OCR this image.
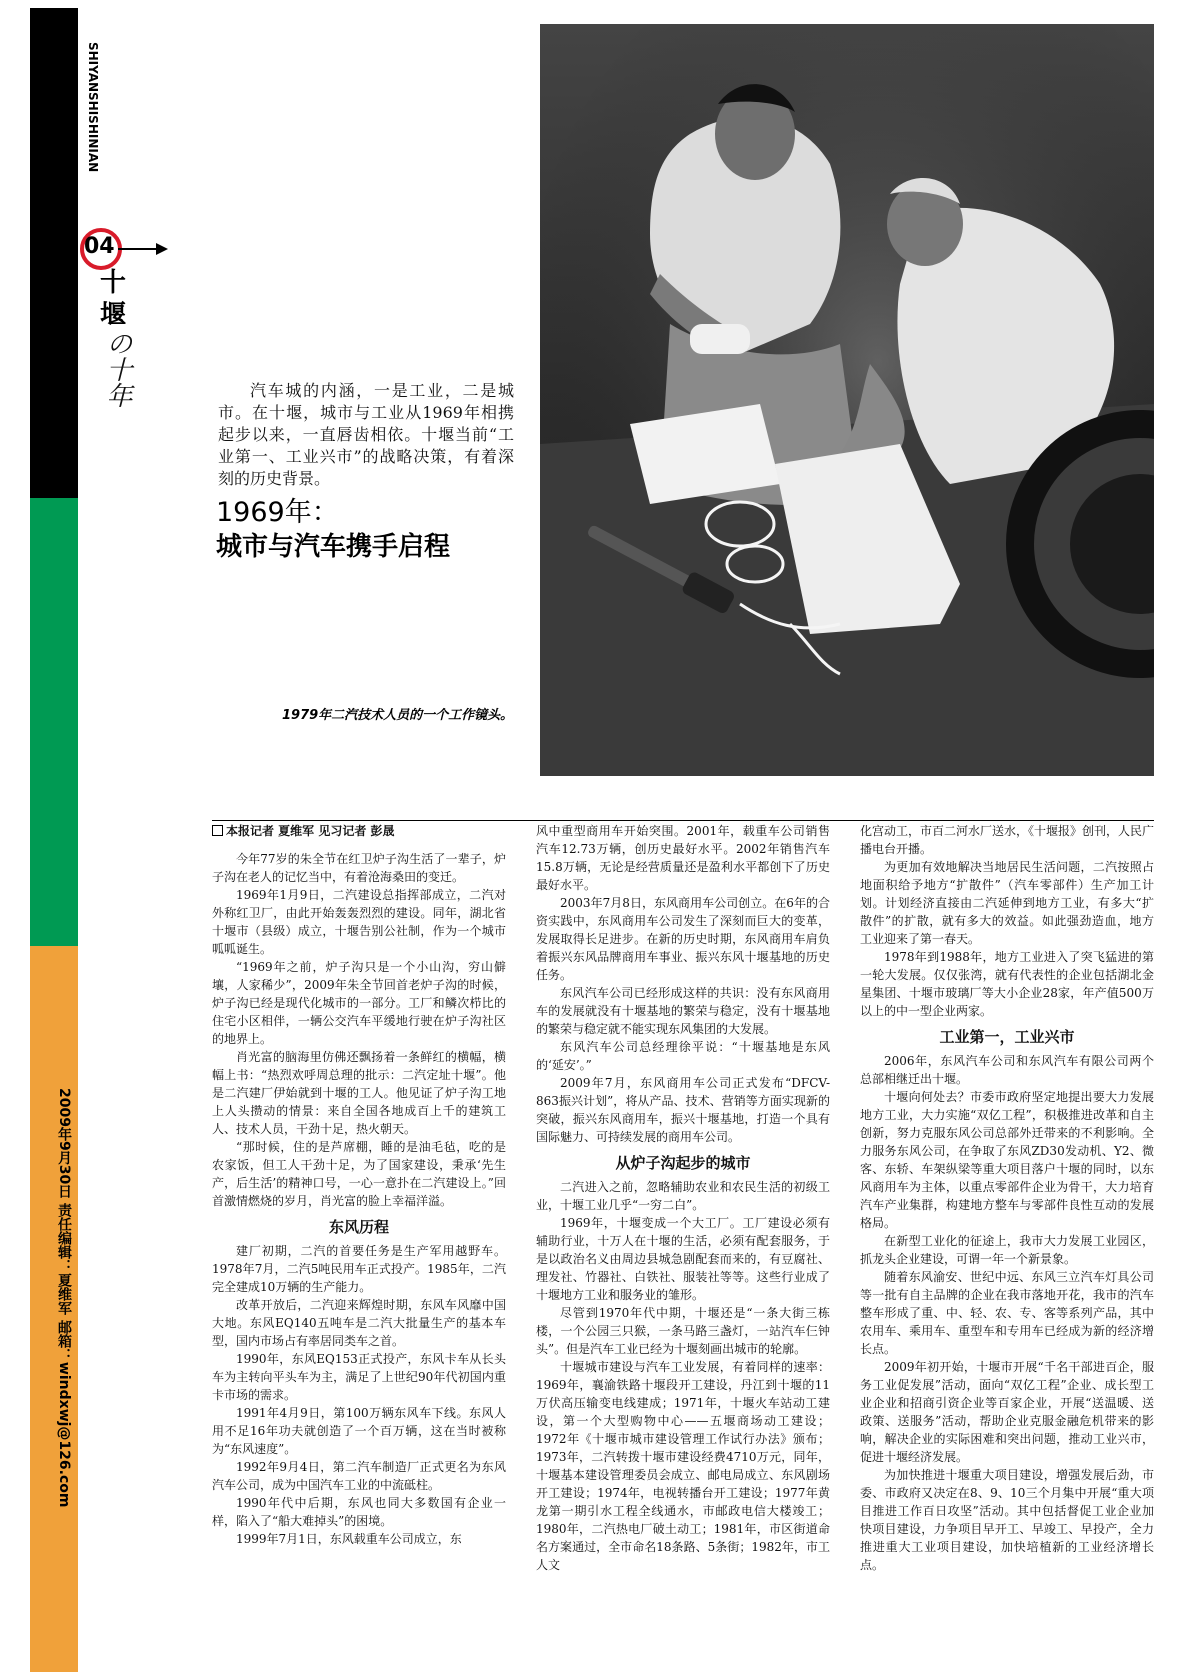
SHIYANSHISHINIAN
04
十
堰
の十年
2009年9月30日 责任编辑：夏维军 邮箱：windxwj@126.com
汽车城的内涵，一是工业，二是城市。在十堰，城市与工业从1969年相携起步以来，一直唇齿相依。十堰当前“工业第一、工业兴市”的战略决策，有着深刻的历史背景。
1969年：
城市与汽车携手启程
1979年二汽技术人员的一个工作镜头。

本报记者 夏维军 见习记者 彭晟

今年77岁的朱全节在红卫炉子沟生活了一辈子，炉子沟在老人的记忆当中，有着沧海桑田的变迁。

1969年1月9日，二汽建设总指挥部成立，二汽对外称红卫厂，由此开始轰轰烈烈的建设。同年，湖北省十堰市（县级）成立，十堰告别公社制，作为一个城市呱呱诞生。

“1969年之前，炉子沟只是一个小山沟，穷山僻壤，人家稀少”，2009年朱全节回首老炉子沟的时候，炉子沟已经是现代化城市的一部分。工厂和鳞次栉比的住宅小区相伴，一辆公交汽车平缓地行驶在炉子沟社区的地界上。

肖光富的脑海里仿佛还飘扬着一条鲜红的横幅，横幅上书：“热烈欢呼周总理的批示：二汽定址十堰”。他是二汽建厂伊始就到十堰的工人。他见证了炉子沟工地上人头攒动的情景：来自全国各地成百上千的建筑工人、技术人员，干劲十足，热火朝天。

“那时候，住的是芦席棚，睡的是油毛毡，吃的是农家饭，但工人干劲十足，为了国家建设，秉承‘先生产，后生活’的精神口号，一心一意扑在二汽建设上。”回首激情燃烧的岁月，肖光富的脸上幸福洋溢。

东风历程

建厂初期，二汽的首要任务是生产军用越野车。1978年7月，二汽5吨民用车正式投产。1985年，二汽完全建成10万辆的生产能力。

改革开放后，二汽迎来辉煌时期，东风车风靡中国大地。东风EQ140五吨车是二汽大批量生产的基本车型，国内市场占有率居同类车之首。

1990年，东风EQ153正式投产，东风卡车从长头车为主转向平头车为主，满足了上世纪90年代初国内重卡市场的需求。

1991年4月9日，第100万辆东风车下线。东风人用不足16年功夫就创造了一个百万辆，这在当时被称为“东风速度”。

1992年9月4日，第二汽车制造厂正式更名为东风汽车公司，成为中国汽车工业的中流砥柱。

1990年代中后期，东风也同大多数国有企业一样，陷入了“船大难掉头”的困境。

1999年7月1日，东风载重车公司成立，东

风中重型商用车开始突围。2001年，载重车公司销售汽车12.73万辆，创历史最好水平。2002年销售汽车15.8万辆，无论是经营质量还是盈利水平都创下了历史最好水平。

2003年7月8日，东风商用车公司创立。在6年的合资实践中，东风商用车公司发生了深刻而巨大的变革，发展取得长足进步。在新的历史时期，东风商用车肩负着振兴东风品牌商用车事业、振兴东风十堰基地的历史任务。

东风汽车公司已经形成这样的共识：没有东风商用车的发展就没有十堰基地的繁荣与稳定，没有十堰基地的繁荣与稳定就不能实现东风集团的大发展。

东风汽车公司总经理徐平说：“十堰基地是东风的‘延安’。”

2009年7月，东风商用车公司正式发布“DFCV-863振兴计划”，将从产品、技术、营销等方面实现新的突破，振兴东风商用车，振兴十堰基地，打造一个具有国际魅力、可持续发展的商用车公司。

从炉子沟起步的城市

二汽进入之前，忽略辅助农业和农民生活的初级工业，十堰工业几乎“一穷二白”。

1969年，十堰变成一个大工厂。工厂建设必须有辅助行业，十万人在十堰的生活，必须有配套服务，于是以政治名义由周边县城急剧配套而来的，有豆腐社、理发社、竹器社、白铁社、服装社等等。这些行业成了十堰地方工业和服务业的雏形。

尽管到1970年代中期，十堰还是“一条大街三栋楼，一个公园三只猴，一条马路三盏灯，一站汽车仨钟头”。但是汽车工业已经为十堰刻画出城市的轮廓。

十堰城市建设与汽车工业发展，有着同样的速率：1969年，襄渝铁路十堰段开工建设，丹江到十堰的11万伏高压输变电线建成；1971年，十堰火车站动工建设，第一个大型购物中心——五堰商场动工建设；1972年《十堰市城市建设管理工作试行办法》颁布；1973年，二汽转拨十堰市建设经费4710万元，同年，十堰基本建设管理委员会成立、邮电局成立、东风剧场开工建设；1974年，电视转播台开工建设；1977年黄龙第一期引水工程全线通水，市邮政电信大楼竣工；1980年，二汽热电厂破土动工；1981年，市区街道命名方案通过，全市命名18条路、5条街；1982年，市工人文

化宫动工，市百二河水厂送水，《十堰报》创刊，人民广播电台开播。

为更加有效地解决当地居民生活问题，二汽按照占地面积给予地方“扩散件”（汽车零部件）生产加工计划。计划经济直接由二汽延伸到地方工业，有多大“扩散件”的扩散，就有多大的效益。如此强劲造血，地方工业迎来了第一春天。

1978年到1988年，地方工业进入了突飞猛进的第一轮大发展。仅仅张湾，就有代表性的企业包括湖北金星集团、十堰市玻璃厂等大小企业28家，年产值500万以上的中一型企业两家。

工业第一，工业兴市

2006年，东风汽车公司和东风汽车有限公司两个总部相继迁出十堰。

十堰向何处去？市委市政府坚定地提出要大力发展地方工业，大力实施“双亿工程”，积极推进改革和自主创新，努力克服东风公司总部外迁带来的不利影响。全力服务东风公司，在争取了东风ZD30发动机、Y2、微客、东轿、车架纵梁等重大项目落户十堰的同时，以东风商用车为主体，以重点零部件企业为骨干，大力培育汽车产业集群，构建地方整车与零部件良性互动的发展格局。

在新型工业化的征途上，我市大力发展工业园区，抓龙头企业建设，可谓一年一个新景象。

随着东风渝安、世纪中远、东风三立汽车灯具公司等一批有自主品牌的企业在我市落地开花，我市的汽车整车形成了重、中、轻、农、专、客等系列产品，其中农用车、乘用车、重型车和专用车已经成为新的经济增长点。

2009年初开始，十堰市开展“千名干部进百企，服务工业促发展”活动，面向“双亿工程”企业、成长型工业企业和招商引资企业等百家企业，开展“送温暖、送政策、送服务”活动，帮助企业克服金融危机带来的影响，解决企业的实际困难和突出问题，推动工业兴市，促进十堰经济发展。

为加快推进十堰重大项目建设，增强发展后劲，市委、市政府又决定在8、9、10三个月集中开展“重大项目推进工作百日攻坚”活动。其中包括督促工业企业加快项目建设，力争项目早开工、早竣工、早投产，全力推进重大工业项目建设，加快培植新的工业经济增长点。
